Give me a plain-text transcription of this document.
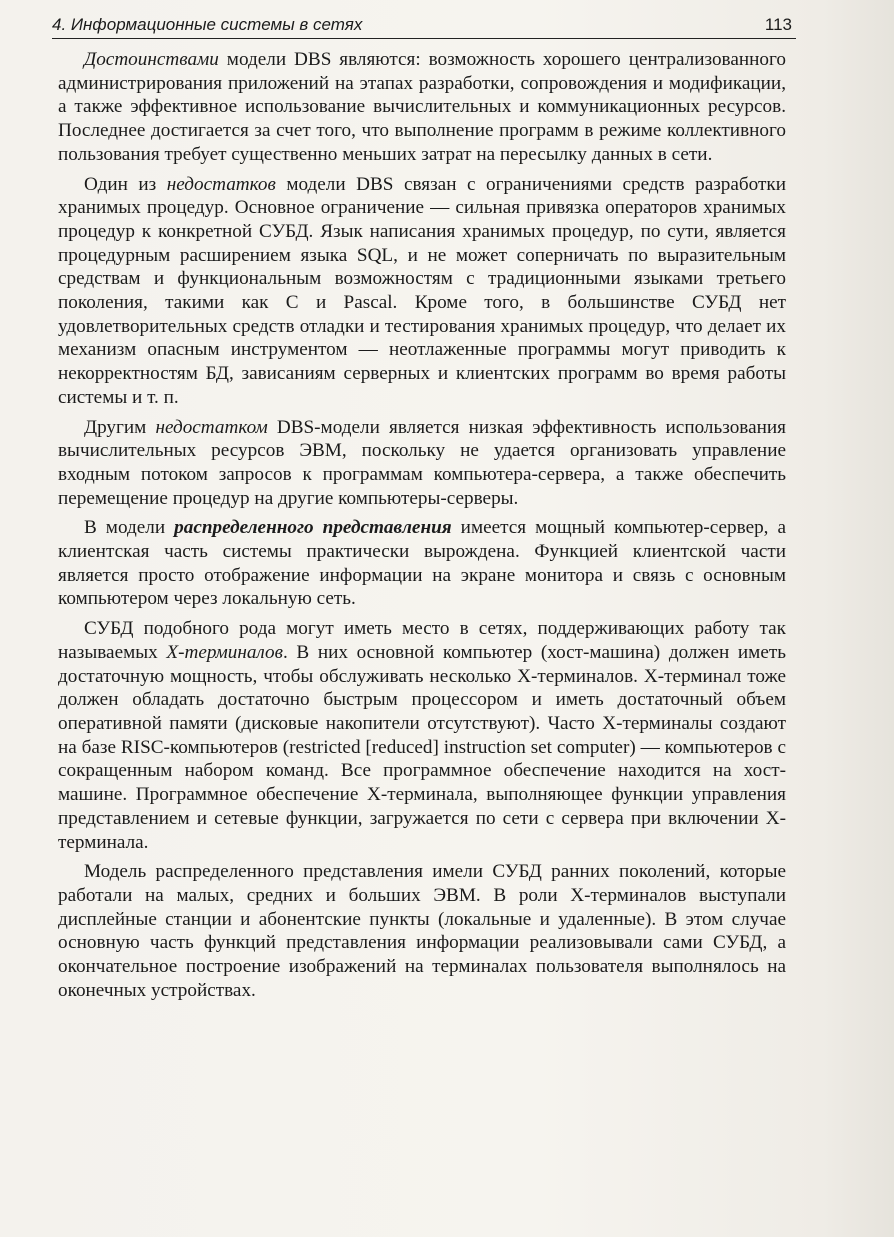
4. Информационные системы в сетях	113

Достоинствами модели DBS являются: возможность хорошего централизованного администрирования приложений на этапах разработки, сопровождения и модификации, а также эффективное использование вычислительных и коммуникационных ресурсов. Последнее достигается за счет того, что выполнение программ в режиме коллективного пользования требует существенно меньших затрат на пересылку данных в сети.

Один из недостатков модели DBS связан с ограничениями средств разработки хранимых процедур. Основное ограничение — сильная привязка операторов хранимых процедур к конкретной СУБД. Язык написания хранимых процедур, по сути, является процедурным расширением языка SQL, и не может соперничать по выразительным средствам и функциональным возможностям с традиционными языками третьего поколения, такими как C и Pascal. Кроме того, в большинстве СУБД нет удовлетворительных средств отладки и тестирования хранимых процедур, что делает их механизм опасным инструментом — неотлаженные программы могут приводить к некорректностям БД, зависаниям серверных и клиентских программ во время работы системы и т. п.

Другим недостатком DBS-модели является низкая эффективность использования вычислительных ресурсов ЭВМ, поскольку не удается организовать управление входным потоком запросов к программам компьютера-сервера, а также обеспечить перемещение процедур на другие компьютеры-серверы.

В модели распределенного представления имеется мощный компьютер-сервер, а клиентская часть системы практически вырождена. Функцией клиентской части является просто отображение информации на экране монитора и связь с основным компьютером через локальную сеть.

СУБД подобного рода могут иметь место в сетях, поддерживающих работу так называемых X-терминалов. В них основной компьютер (хост-машина) должен иметь достаточную мощность, чтобы обслуживать несколько X-терминалов. X-терминал тоже должен обладать достаточно быстрым процессором и иметь достаточный объем оперативной памяти (дисковые накопители отсутствуют). Часто X-терминалы создают на базе RISC-компьютеров (restricted [reduced] instruction set computer) — компьютеров с сокращенным набором команд. Все программное обеспечение находится на хост-машине. Программное обеспечение X-терминала, выполняющее функции управления представлением и сетевые функции, загружается по сети с сервера при включении X-терминала.

Модель распределенного представления имели СУБД ранних поколений, которые работали на малых, средних и больших ЭВМ. В роли X-терминалов выступали дисплейные станции и абонентские пункты (локальные и удаленные). В этом случае основную часть функций представления информации реализовывали сами СУБД, а окончательное построение изображений на терминалах пользователя выполнялось на оконечных устройствах.
